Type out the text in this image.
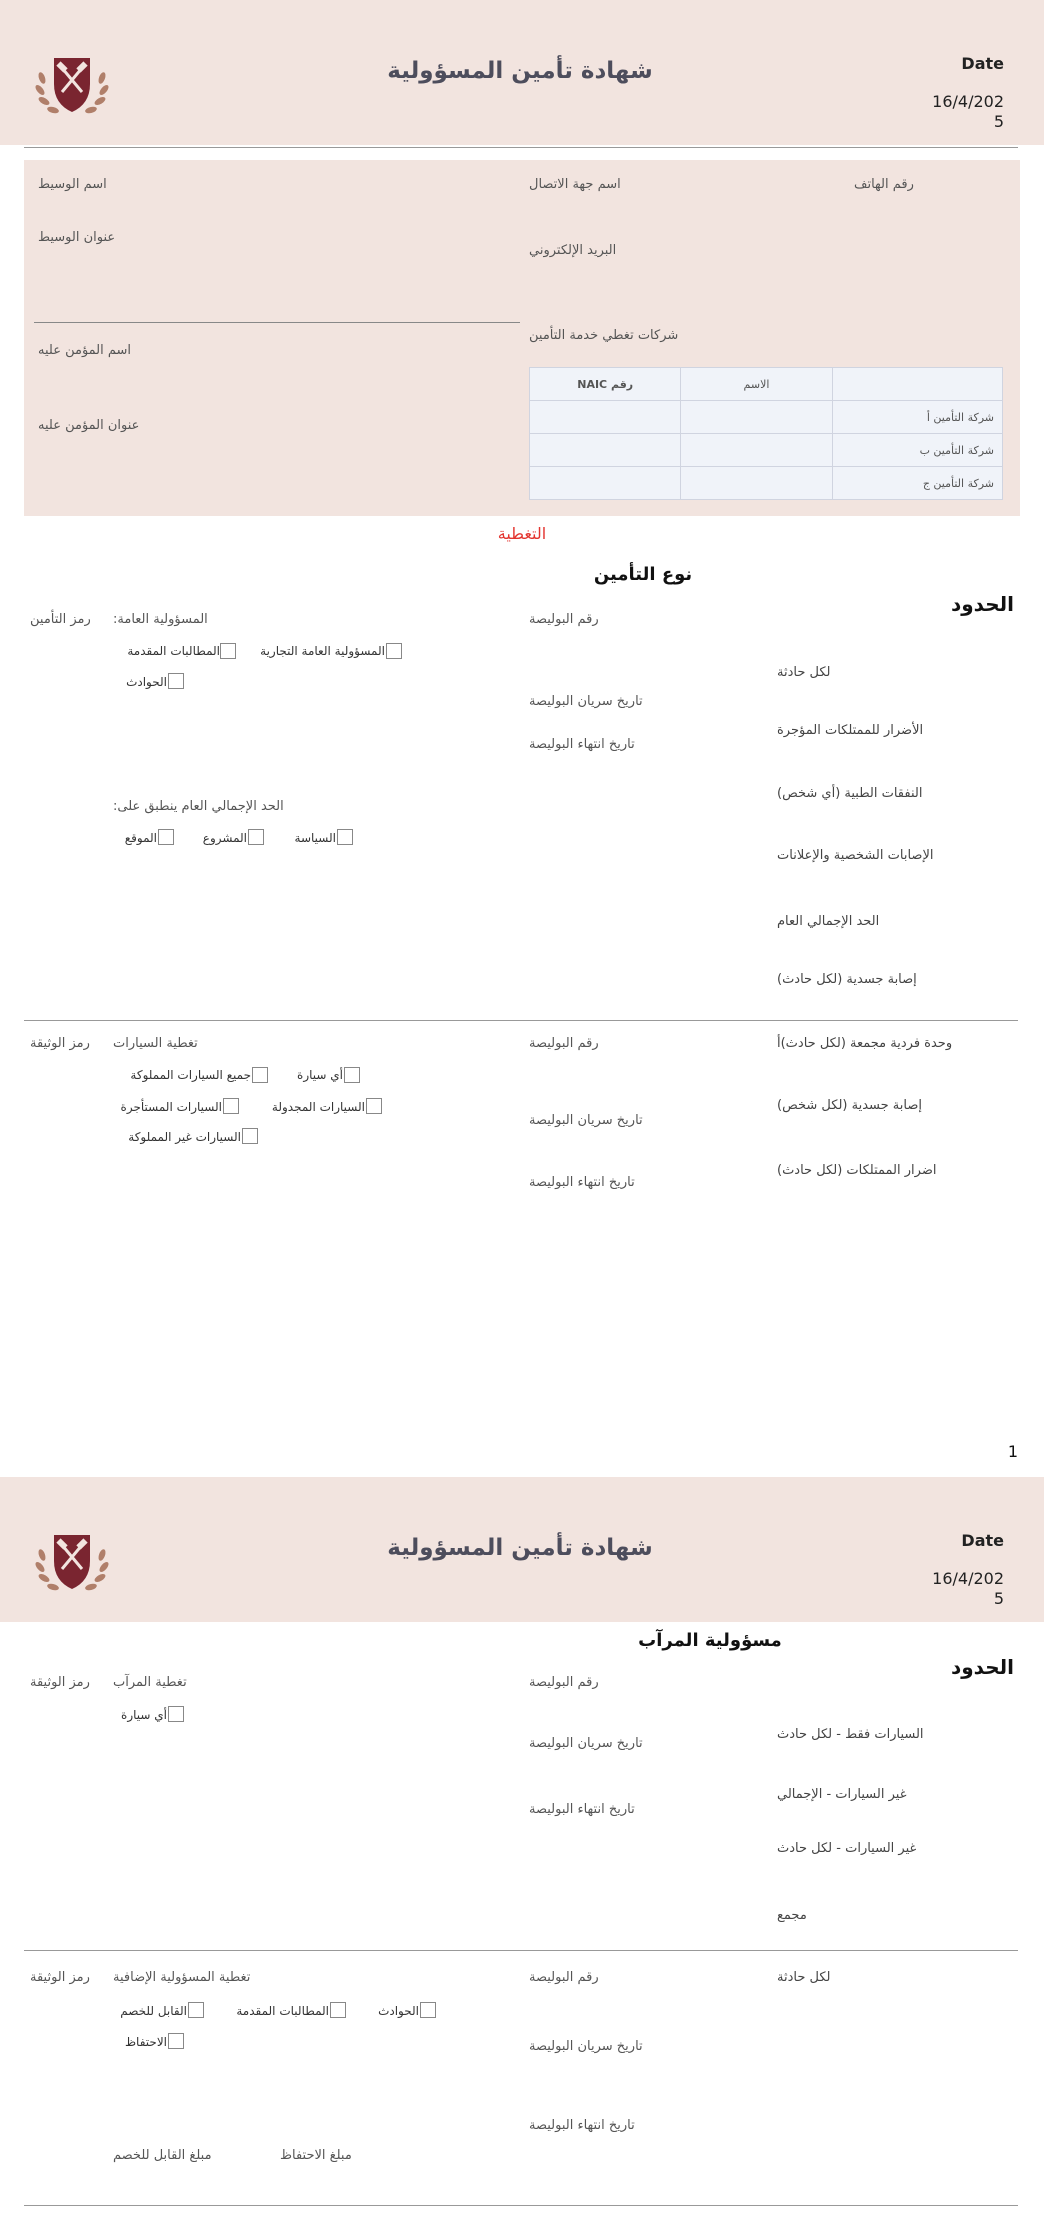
شهادة تأمين المسؤولية	Date
16/4/202
5
اسم الوسيط
عنوان الوسيط
اسم المؤمن عليه
عنوان المؤمن عليه
اسم جهة الاتصال	رقم الهاتف
البريد الإلكتروني
شركات تغطي خدمة التأمين
رقم NAIC	الاسم	
		شركة التأمين أ
		شركة التأمين ب
		شركة التأمين ج
التغطية
نوع التأمين
الحدود
رمز التأمين المسؤولية العامة:
المسؤولية العامة التجارية
المطالبات المقدمة
الحوادث
الحد الإجمالي العام ينطبق على:
السياسة
المشروع
الموقع
رقم البوليصة
تاريخ سريان البوليصة
تاريخ انتهاء البوليصة
لكل حادثة
الأضرار للممتلكات المؤجرة
النفقات الطبية (أي شخص)
الإصابات الشخصية والإعلانات
الحد الإجمالي العام
إصابة جسدية (لكل حادث)
رمز الوثيقة تغطية السيارات
أي سيارة
جميع السيارات المملوكة
السيارات المجدولة
السيارات المستأجرة
السيارات غير المملوكة
رقم البوليصة
تاريخ سريان البوليصة
تاريخ انتهاء البوليصة
وحدة فردية مجمعة (لكل حادث)أ
إصابة جسدية (لكل شخص)
اضرار الممتلكات (لكل حادث)
1
شهادة تأمين المسؤولية	Date
16/4/202
5
مسؤولية المرآب
الحدود
رمز الوثيقة تغطية المرآب
أي سيارة
رقم البوليصة
تاريخ سريان البوليصة
تاريخ انتهاء البوليصة
السيارات فقط - لكل حادث
غير السيارات - الإجمالي
غير السيارات - لكل حادث
مجمع
رمز الوثيقة تغطية المسؤولية الإضافية
الحوادث
المطالبات المقدمة
القابل للخصم
الاحتفاظ
مبلغ الاحتفاظ
مبلغ القابل للخصم
رقم البوليصة
تاريخ سريان البوليصة
تاريخ انتهاء البوليصة
لكل حادثة
